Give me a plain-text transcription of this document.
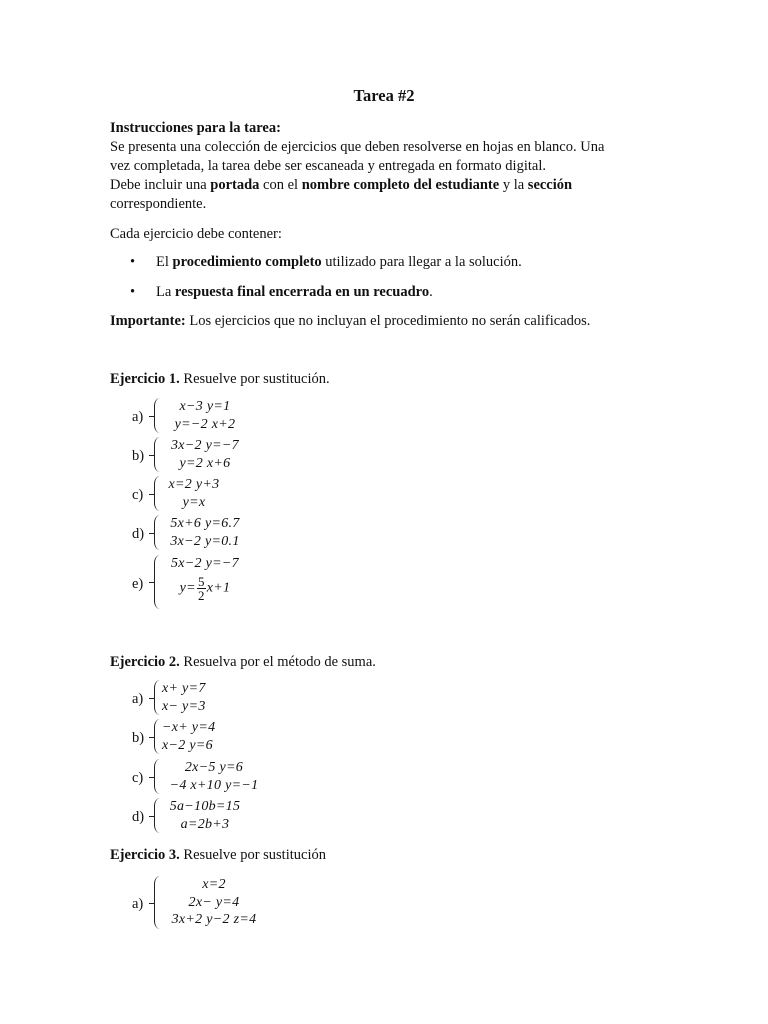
Tarea #2
Instrucciones para la tarea:
Se presenta una colección de ejercicios que deben resolverse en hojas en blanco. Una
vez completada, la tarea debe ser escaneada y entregada en formato digital.
Debe incluir una portada con el nombre completo del estudiante y la sección
correspondiente.
Cada ejercicio debe contener:
• El procedimiento completo utilizado para llegar a la solución.
• La respuesta final encerrada en un recuadro.
Importante: Los ejercicios que no incluyan el procedimiento no serán calificados.
Ejercicio 1. Resuelve por sustitución.
a)
x−3 y=1
y=−2 x+2
b)
3x−2 y=−7
y=2 x+6
c)
x=2 y+3
y=x
d)
5x+6 y=6.7
3x−2 y=0.1
e)
5x−2 y=−7
$y= \frac{5}{2} x+1$
Ejercicio 2. Resuelva por el método de suma.
a)
x+ y=7
x− y=3
b)
−x+ y=4
x−2 y=6
c)
2x−5 y=6
−4 x+10 y=−1
d)
5a−10b=15
a=2b+3
Ejercicio 3. Resuelve por sustitución
a)
x=2
2x− y=4
3x+2 y−2 z=4
